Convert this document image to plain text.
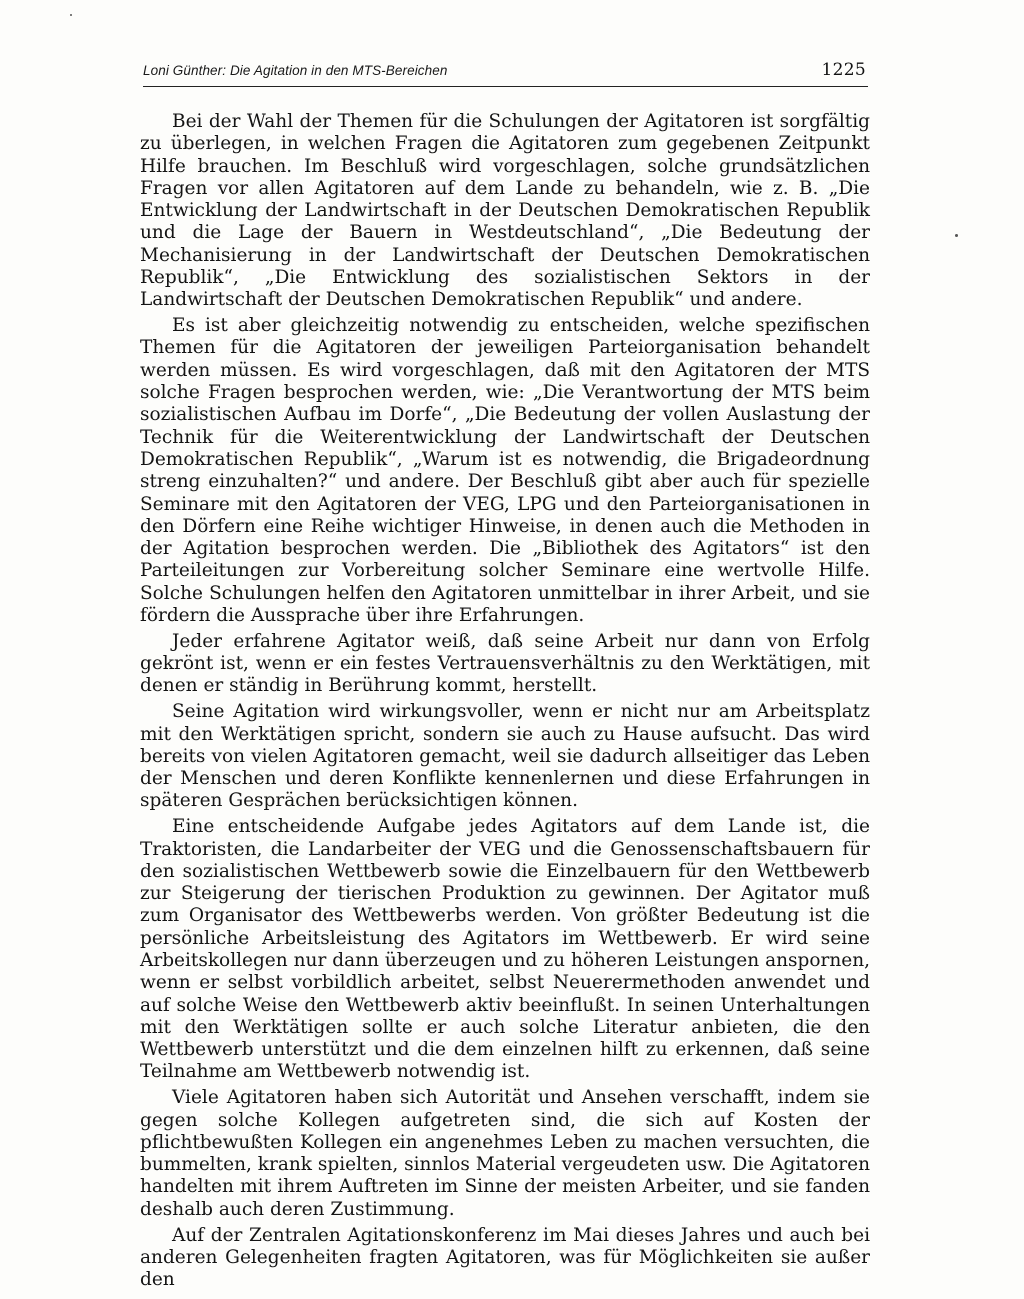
Loni Günther: Die Agitation in den MTS-Bereichen	1225

Bei der Wahl der Themen für die Schulungen der Agitatoren ist sorgfältig zu überlegen, in welchen Fragen die Agitatoren zum gegebenen Zeitpunkt Hilfe brauchen. Im Beschluß wird vorgeschlagen, solche grundsätzlichen Fragen vor allen Agitatoren auf dem Lande zu behandeln, wie z. B. „Die Entwicklung der Landwirtschaft in der Deutschen Demokratischen Republik und die Lage der Bauern in Westdeutschland“, „Die Bedeutung der Mechanisierung in der Landwirtschaft der Deutschen Demokratischen Republik“, „Die Entwicklung des sozialistischen Sektors in der Landwirtschaft der Deutschen Demokratischen Republik“ und andere.

Es ist aber gleichzeitig notwendig zu entscheiden, welche spezifischen Themen für die Agitatoren der jeweiligen Parteiorganisation behandelt werden müssen. Es wird vorgeschlagen, daß mit den Agitatoren der MTS solche Fragen besprochen werden, wie: „Die Verantwortung der MTS beim sozialistischen Aufbau im Dorfe“, „Die Bedeutung der vollen Auslastung der Technik für die Weiterentwicklung der Landwirtschaft der Deutschen Demokratischen Republik“, „Warum ist es notwendig, die Brigadeordnung streng einzuhalten?“ und andere. Der Beschluß gibt aber auch für spezielle Seminare mit den Agitatoren der VEG, LPG und den Parteiorganisationen in den Dörfern eine Reihe wichtiger Hinweise, in denen auch die Methoden in der Agitation besprochen werden. Die „Bibliothek des Agitators“ ist den Parteileitungen zur Vorbereitung solcher Seminare eine wertvolle Hilfe. Solche Schulungen helfen den Agitatoren unmittelbar in ihrer Arbeit, und sie fördern die Aussprache über ihre Erfahrungen.

Jeder erfahrene Agitator weiß, daß seine Arbeit nur dann von Erfolg gekrönt ist, wenn er ein festes Vertrauensverhältnis zu den Werktätigen, mit denen er ständig in Berührung kommt, herstellt.

Seine Agitation wird wirkungsvoller, wenn er nicht nur am Arbeitsplatz mit den Werktätigen spricht, sondern sie auch zu Hause aufsucht. Das wird bereits von vielen Agitatoren gemacht, weil sie dadurch allseitiger das Leben der Menschen und deren Konflikte kennenlernen und diese Erfahrungen in späteren Gesprächen berücksichtigen können.

Eine entscheidende Aufgabe jedes Agitators auf dem Lande ist, die Traktoristen, die Landarbeiter der VEG und die Genossenschaftsbauern für den sozialistischen Wettbewerb sowie die Einzelbauern für den Wettbewerb zur Steigerung der tierischen Produktion zu gewinnen. Der Agitator muß zum Organisator des Wettbewerbs werden. Von größter Bedeutung ist die persönliche Arbeitsleistung des Agitators im Wettbewerb. Er wird seine Arbeitskollegen nur dann überzeugen und zu höheren Leistungen anspornen, wenn er selbst vorbildlich arbeitet, selbst Neuerermethoden anwendet und auf solche Weise den Wettbewerb aktiv beeinflußt. In seinen Unterhaltungen mit den Werktätigen sollte er auch solche Literatur anbieten, die den Wettbewerb unterstützt und die dem einzelnen hilft zu erkennen, daß seine Teilnahme am Wettbewerb notwendig ist.

Viele Agitatoren haben sich Autorität und Ansehen verschafft, indem sie gegen solche Kollegen aufgetreten sind, die sich auf Kosten der pflichtbewußten Kollegen ein angenehmes Leben zu machen versuchten, die bummelten, krank spielten, sinnlos Material vergeudeten usw. Die Agitatoren handelten mit ihrem Auftreten im Sinne der meisten Arbeiter, und sie fanden deshalb auch deren Zustimmung.

Auf der Zentralen Agitationskonferenz im Mai dieses Jahres und auch bei anderen Gelegenheiten fragten Agitatoren, was für Möglichkeiten sie außer den
